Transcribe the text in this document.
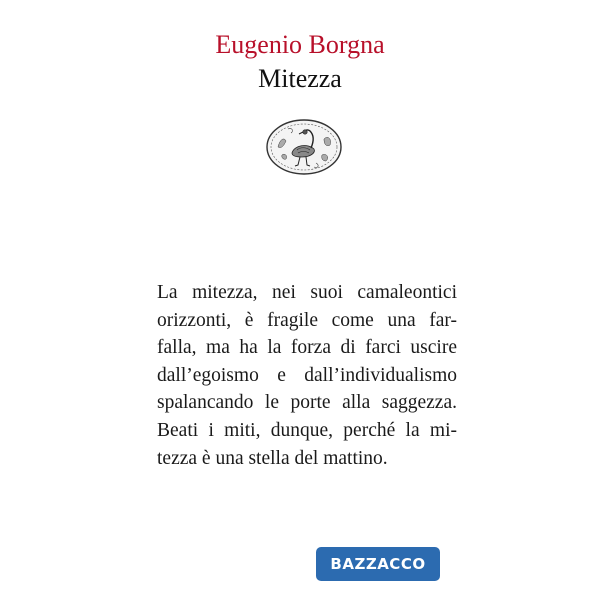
Eugenio Borgna
Mitezza
La mitezza, nei suoi camaleontici
orizzonti, è fragile come una far-
falla, ma ha la forza di farci uscire
dall’egoismo e dall’individualismo
spalancando le porte alla saggezza.
Beati i miti, dunque, perché la mi-
tezza è una stella del mattino.
BAZZACCO
